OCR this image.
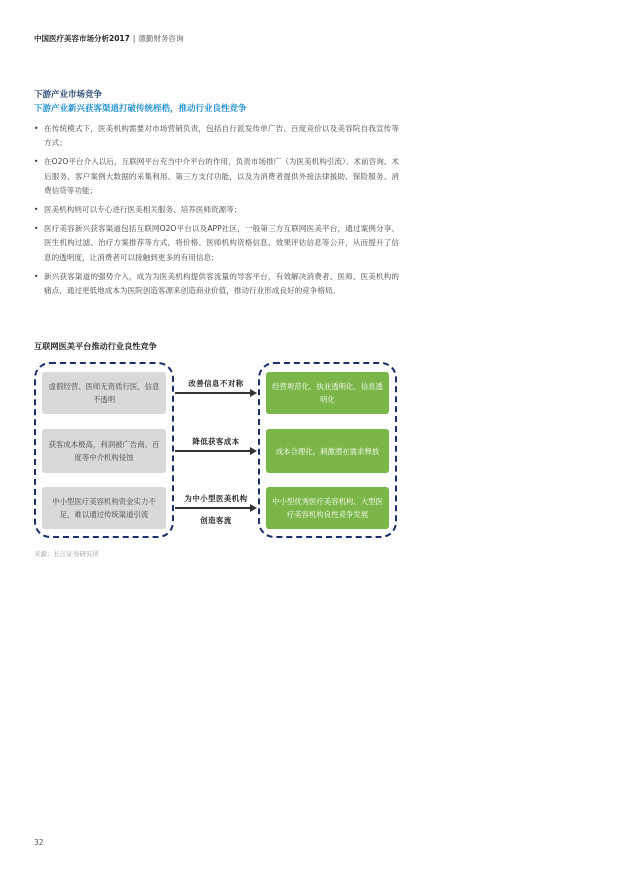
中国医疗美容市场分析2017 | 德勤财务咨询
下游产业市场竞争
下游产业新兴获客渠道打破传统桎梏，推动行业良性竞争
• 在传统模式下，医美机构需要对市场营销负责，包括自行派发传单广告、百度竞价以及美容院自我宣传等方式；
• 在O2O平台介入以后，互联网平台充当中介平台的作用，负责市场推广（为医美机构引流）、术前咨询、术后服务、客户案例大数据的采集利用、第三方支付功能，以及为消费者提供外接法律援助、保险服务、消费信贷等功能；
• 医美机构则可以专心进行医美相关服务、培养医师资源等；
• 医疗美容新兴获客渠道包括互联网O2O平台以及APP社区，一般第三方互联网医美平台，通过案例分享、医生机构过滤、治疗方案推荐等方式，将价格、医师机构资格信息、效果评估信息等公开，从而提升了信息的透明度，让消费者可以接触到更多的有用信息；
• 新兴获客渠道的强势介入，成为为医美机构提供客流量的导客平台，有效解决消费者、医师、医美机构的痛点，通过更低地成本为医院创造客源来创造商业价值，推动行业形成良好的竞争格局。
互联网医美平台推动行业良性竞争
虚假经营、医师无资质行医、信息不透明
获客成本极高，利润被广告商、百度等中介机构侵蚀
中小型医疗美容机构资金实力不足，难以通过传统渠道引流
改善信息不对称
降低获客成本
为中小型医美机构
创造客流
经营规范化、执业透明化、信息透明化
成本合理化，刺激潜在需求释放
中小型优秀医疗美容机构、大型医疗美容机构良性竞争发展
来源：长江证券研究所
32
